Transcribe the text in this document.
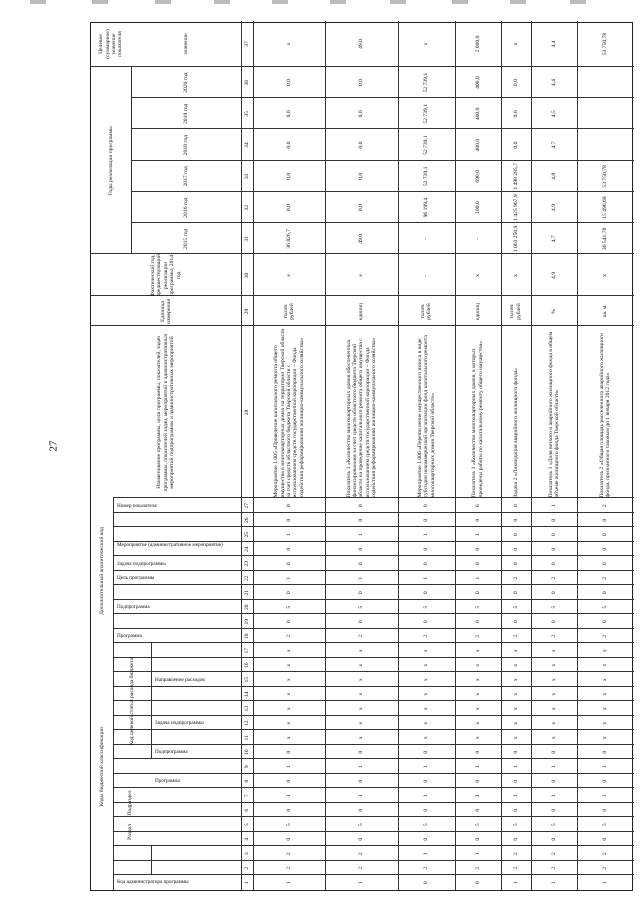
27
Коды бюджетной классификации
Дополнительный аналитический код
Код администратора программы
Раздел
Подраздел
Код целевой статьи расхода бюджета
Программа
Подпрограмма
Задача подпрограммы
Направление расходов
Программа
Подпрограмма
Цель программы
Задача подпрограммы
Мероприятие (административное мероприятие)
Номер показателя
Наименование программы, цели программы, показателей, задач программы, показателей задач, мероприятий и административных мероприятий подпрограммы и административных мероприятий
Единица измерения
Фактический год, предшествующий реализации программы, 2014 год
Годы реализации программы
2015 год
2016 год
2017 год
2018 год
2019 год
2020 год
Целевое (суммарное) значение показателя	значение
1
2
3
4
5
6
7
8
9
10
11
12
13
14
15
16
17
18
19
20
21
22
23
24
25
26
27
28
29
30
31
32
33
34
35
36
37
1
2
2
0
5
0
1
0
1
0
x
x
x
x
x
x
x
2
0
5
0
1
0
0
1
0
0
Мероприятие 1.005 «Проведение капитального ремонта общего имущества в многоквартирных домах на территории Тверской области за счет средств областного бюджета Тверской области с использованием средств государственной корпорации – Фонда содействия реформированию жилищно-коммунального хозяйства»
тысяч рублей
х
36 826,7
0,0
0,0
0,0
0,0
0,0
х
1
2
2
0
5
0
1
0
1
0
x
x
x
x
x
x
x
2
0
5
0
1
0
0
1
0
0
Показатель 1 «Количество многоквартирных домов обеспеченных финансированием за счет средств областного бюджета Тверской области на проведение капитального ремонта общего имущества с использованием средств государственной корпорации – Фонда содействия реформированию жилищно-коммунального хозяйства»
единиц
х
49,0
0,0
0,0
0,0
0,0
0,0
49,0
0
2
1
0
5
0
1
0
1
0
x
x
x
x
x
x
x
2
0
5
0
1
0
0
1
0
0
Мероприятие 1.006 «Перечисление имущественного взноса в виде субсидии некоммерческой организации фонд капитального ремонта многоквартирных домов Тверской области»
тысяч рублей
-
-
96 199,4
52 739,1
52 739,1
52 739,1
52 739,1
х
0
2
1
0
5
0
1
0
1
0
x
x
x
x
x
x
x
2
0
5
0
1
0
0
1
0
6
Показатель 1 «Количество многоквартирных домов, в которых проведены работы по капитальному ремонту общего имущества»
единиц
х
-
100,0
690,0
400,0
400,0
400,0
2 000,0
1
2
2
0
5
0
1
0
1
0
x
x
x
x
x
x
x
2
0
5
0
2
0
0
0
0
0
Задача 2 «Ликвидация аварийного жилищного фонда»
тысяч рублей
х
1 063 250,9
1 425 967,9
1 498 285,7
0,0
0,0
0,0
х
1
2
2
0
5
0
1
0
1
0
x
x
x
x
x
x
x
2
0
5
0
2
0
0
0
0
1
Показатель 1 «Доля ветхого и аварийного жилищного фонда в общем объеме жилищного фонда Тверской области»
%
4,9
4,7
4,9
4,8
4,7
4,5
4,4
4,4
1
2
2
0
5
0
1
0
1
0
x
x
x
x
x
x
x
2
0
5
0
2
0
0
0
0
2
Показатель 2 «Общая площадь расселенного аварийного жилищного фонда, признанного таковым до 1 января 2012 года»
кв. м
х
36 541,78
15 496,69
53 750,78
53 750,78
